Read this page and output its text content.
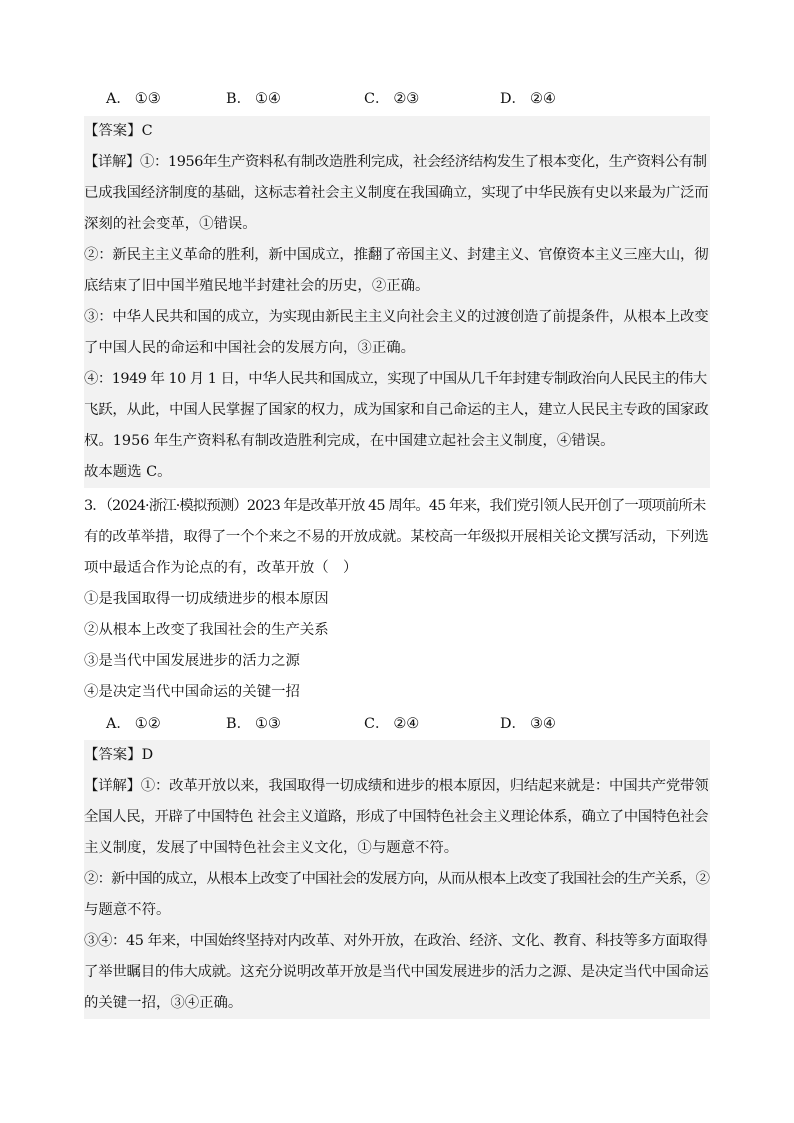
A． ①③	B． ①④	C． ②③	D． ②④
【答案】C
【详解】①：1956年生产资料私有制改造胜利完成，社会经济结构发生了根本变化，生产资料公有制
已成我国经济制度的基础，这标志着社会主义制度在我国确立，实现了中华民族有史以来最为广泛而
深刻的社会变革，①错误。
②：新民主主义革命的胜利，新中国成立，推翻了帝国主义、封建主义、官僚资本主义三座大山，彻
底结束了旧中国半殖民地半封建社会的历史，②正确。
③：中华人民共和国的成立，为实现由新民主主义向社会主义的过渡创造了前提条件，从根本上改变
了中国人民的命运和中国社会的发展方向，③正确。
④：1949 年 10 月 1 日，中华人民共和国成立，实现了中国从几千年封建专制政治向人民民主的伟大
飞跃，从此，中国人民掌握了国家的权力，成为国家和自己命运的主人，建立人民民主专政的国家政
权。1956 年生产资料私有制改造胜利完成，在中国建立起社会主义制度，④错误。
故本题选 C。
3．（2024·浙江·模拟预测）2023 年是改革开放 45 周年。45 年来，我们党引领人民开创了一项项前所未
有的改革举措，取得了一个个来之不易的开放成就。某校高一年级拟开展相关论文撰写活动，下列选
项中最适合作为论点的有，改革开放（　）
①是我国取得一切成绩进步的根本原因
②从根本上改变了我国社会的生产关系
③是当代中国发展进步的活力之源
④是决定当代中国命运的关键一招
A． ①②	B． ①③	C． ②④	D． ③④
【答案】D
【详解】①：改革开放以来，我国取得一切成绩和进步的根本原因，归结起来就是：中国共产党带领
全国人民，开辟了中国特色 社会主义道路，形成了中国特色社会主义理论体系，确立了中国特色社会
主义制度，发展了中国特色社会主义文化，①与题意不符。
②：新中国的成立，从根本上改变了中国社会的发展方向，从而从根本上改变了我国社会的生产关系，②
与题意不符。
③④：45 年来，中国始终坚持对内改革、对外开放，在政治、经济、文化、教育、科技等多方面取得
了举世瞩目的伟大成就。这充分说明改革开放是当代中国发展进步的活力之源、是决定当代中国命运
的关键一招，③④正确。
